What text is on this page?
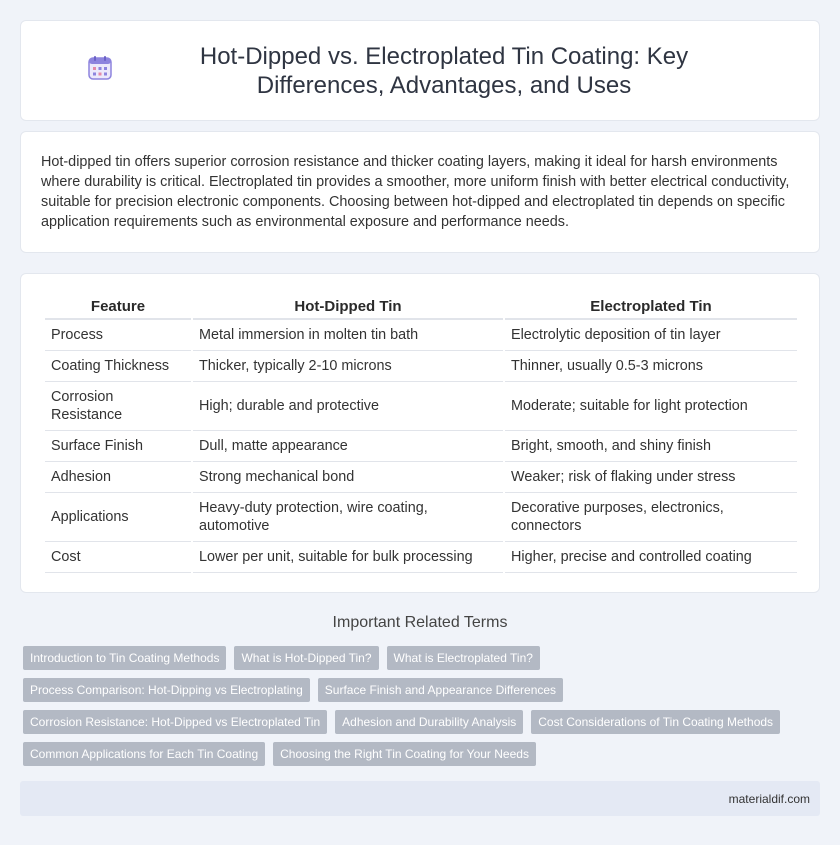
Hot-Dipped vs. Electroplated Tin Coating: Key Differences, Advantages, and Uses

Hot-dipped tin offers superior corrosion resistance and thicker coating layers, making it ideal for harsh environments where durability is critical. Electroplated tin provides a smoother, more uniform finish with better electrical conductivity, suitable for precision electronic components. Choosing between hot-dipped and electroplated tin depends on specific application requirements such as environmental exposure and performance needs.

Feature	Hot-Dipped Tin	Electroplated Tin
Process	Metal immersion in molten tin bath	Electrolytic deposition of tin layer
Coating Thickness	Thicker, typically 2-10 microns	Thinner, usually 0.5-3 microns
Corrosion Resistance	High; durable and protective	Moderate; suitable for light protection
Surface Finish	Dull, matte appearance	Bright, smooth, and shiny finish
Adhesion	Strong mechanical bond	Weaker; risk of flaking under stress
Applications	Heavy-duty protection, wire coating, automotive	Decorative purposes, electronics, connectors
Cost	Lower per unit, suitable for bulk processing	Higher, precise and controlled coating
Important Related Terms
Introduction to Tin Coating Methods	What is Hot-Dipped Tin?	What is Electroplated Tin?
Process Comparison: Hot-Dipping vs Electroplating	Surface Finish and Appearance Differences
Corrosion Resistance: Hot-Dipped vs Electroplated Tin	Adhesion and Durability Analysis	Cost Considerations of Tin Coating Methods
Common Applications for Each Tin Coating	Choosing the Right Tin Coating for Your Needs
materialdif.com
